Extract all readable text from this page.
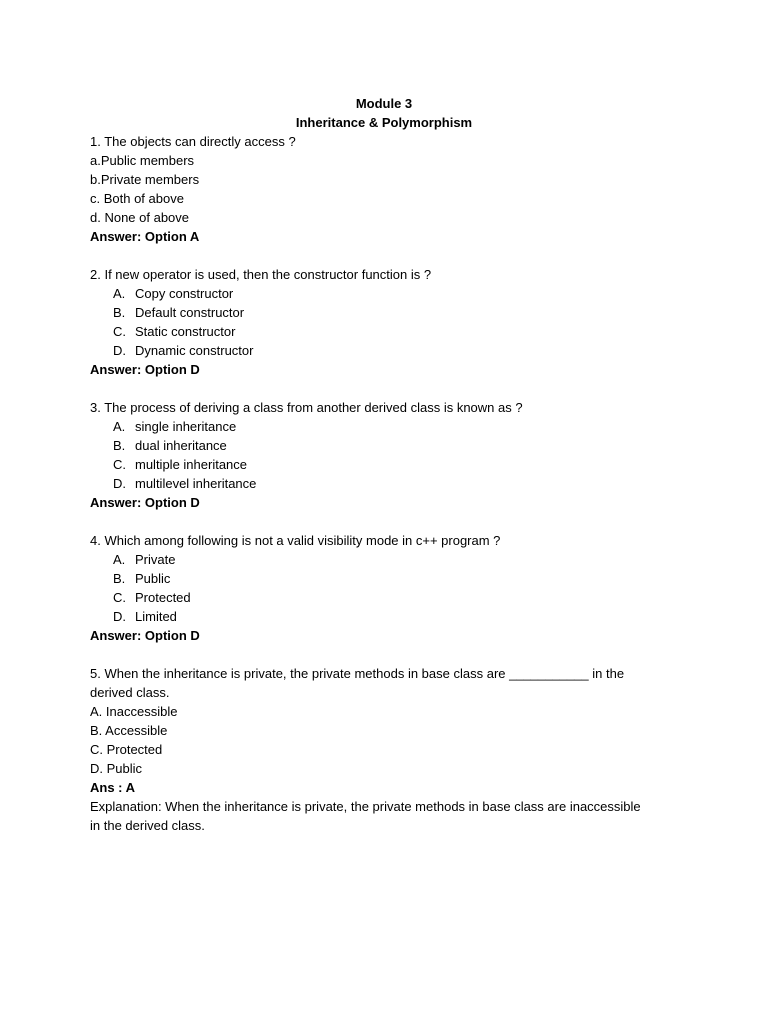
Module 3
Inheritance & Polymorphism
1. The objects can directly access ?
a.Public members
b.Private members
c. Both of above
d. None of above
Answer: Option A
2. If new operator is used, then the constructor function is ?
A. Copy constructor
B. Default constructor
C. Static constructor
D. Dynamic constructor
Answer: Option D
3. The process of deriving a class from another derived class is known as ?
A. single inheritance
B. dual inheritance
C. multiple inheritance
D. multilevel inheritance
Answer: Option D
4. Which among following is not a valid visibility mode in c++ program ?
A. Private
B. Public
C. Protected
D. Limited
Answer: Option D
5. When the inheritance is private, the private methods in base class are ___________ in the
derived class.
A. Inaccessible
B. Accessible
C. Protected
D. Public
Ans : A
Explanation: When the inheritance is private, the private methods in base class are inaccessible
in the derived class.
